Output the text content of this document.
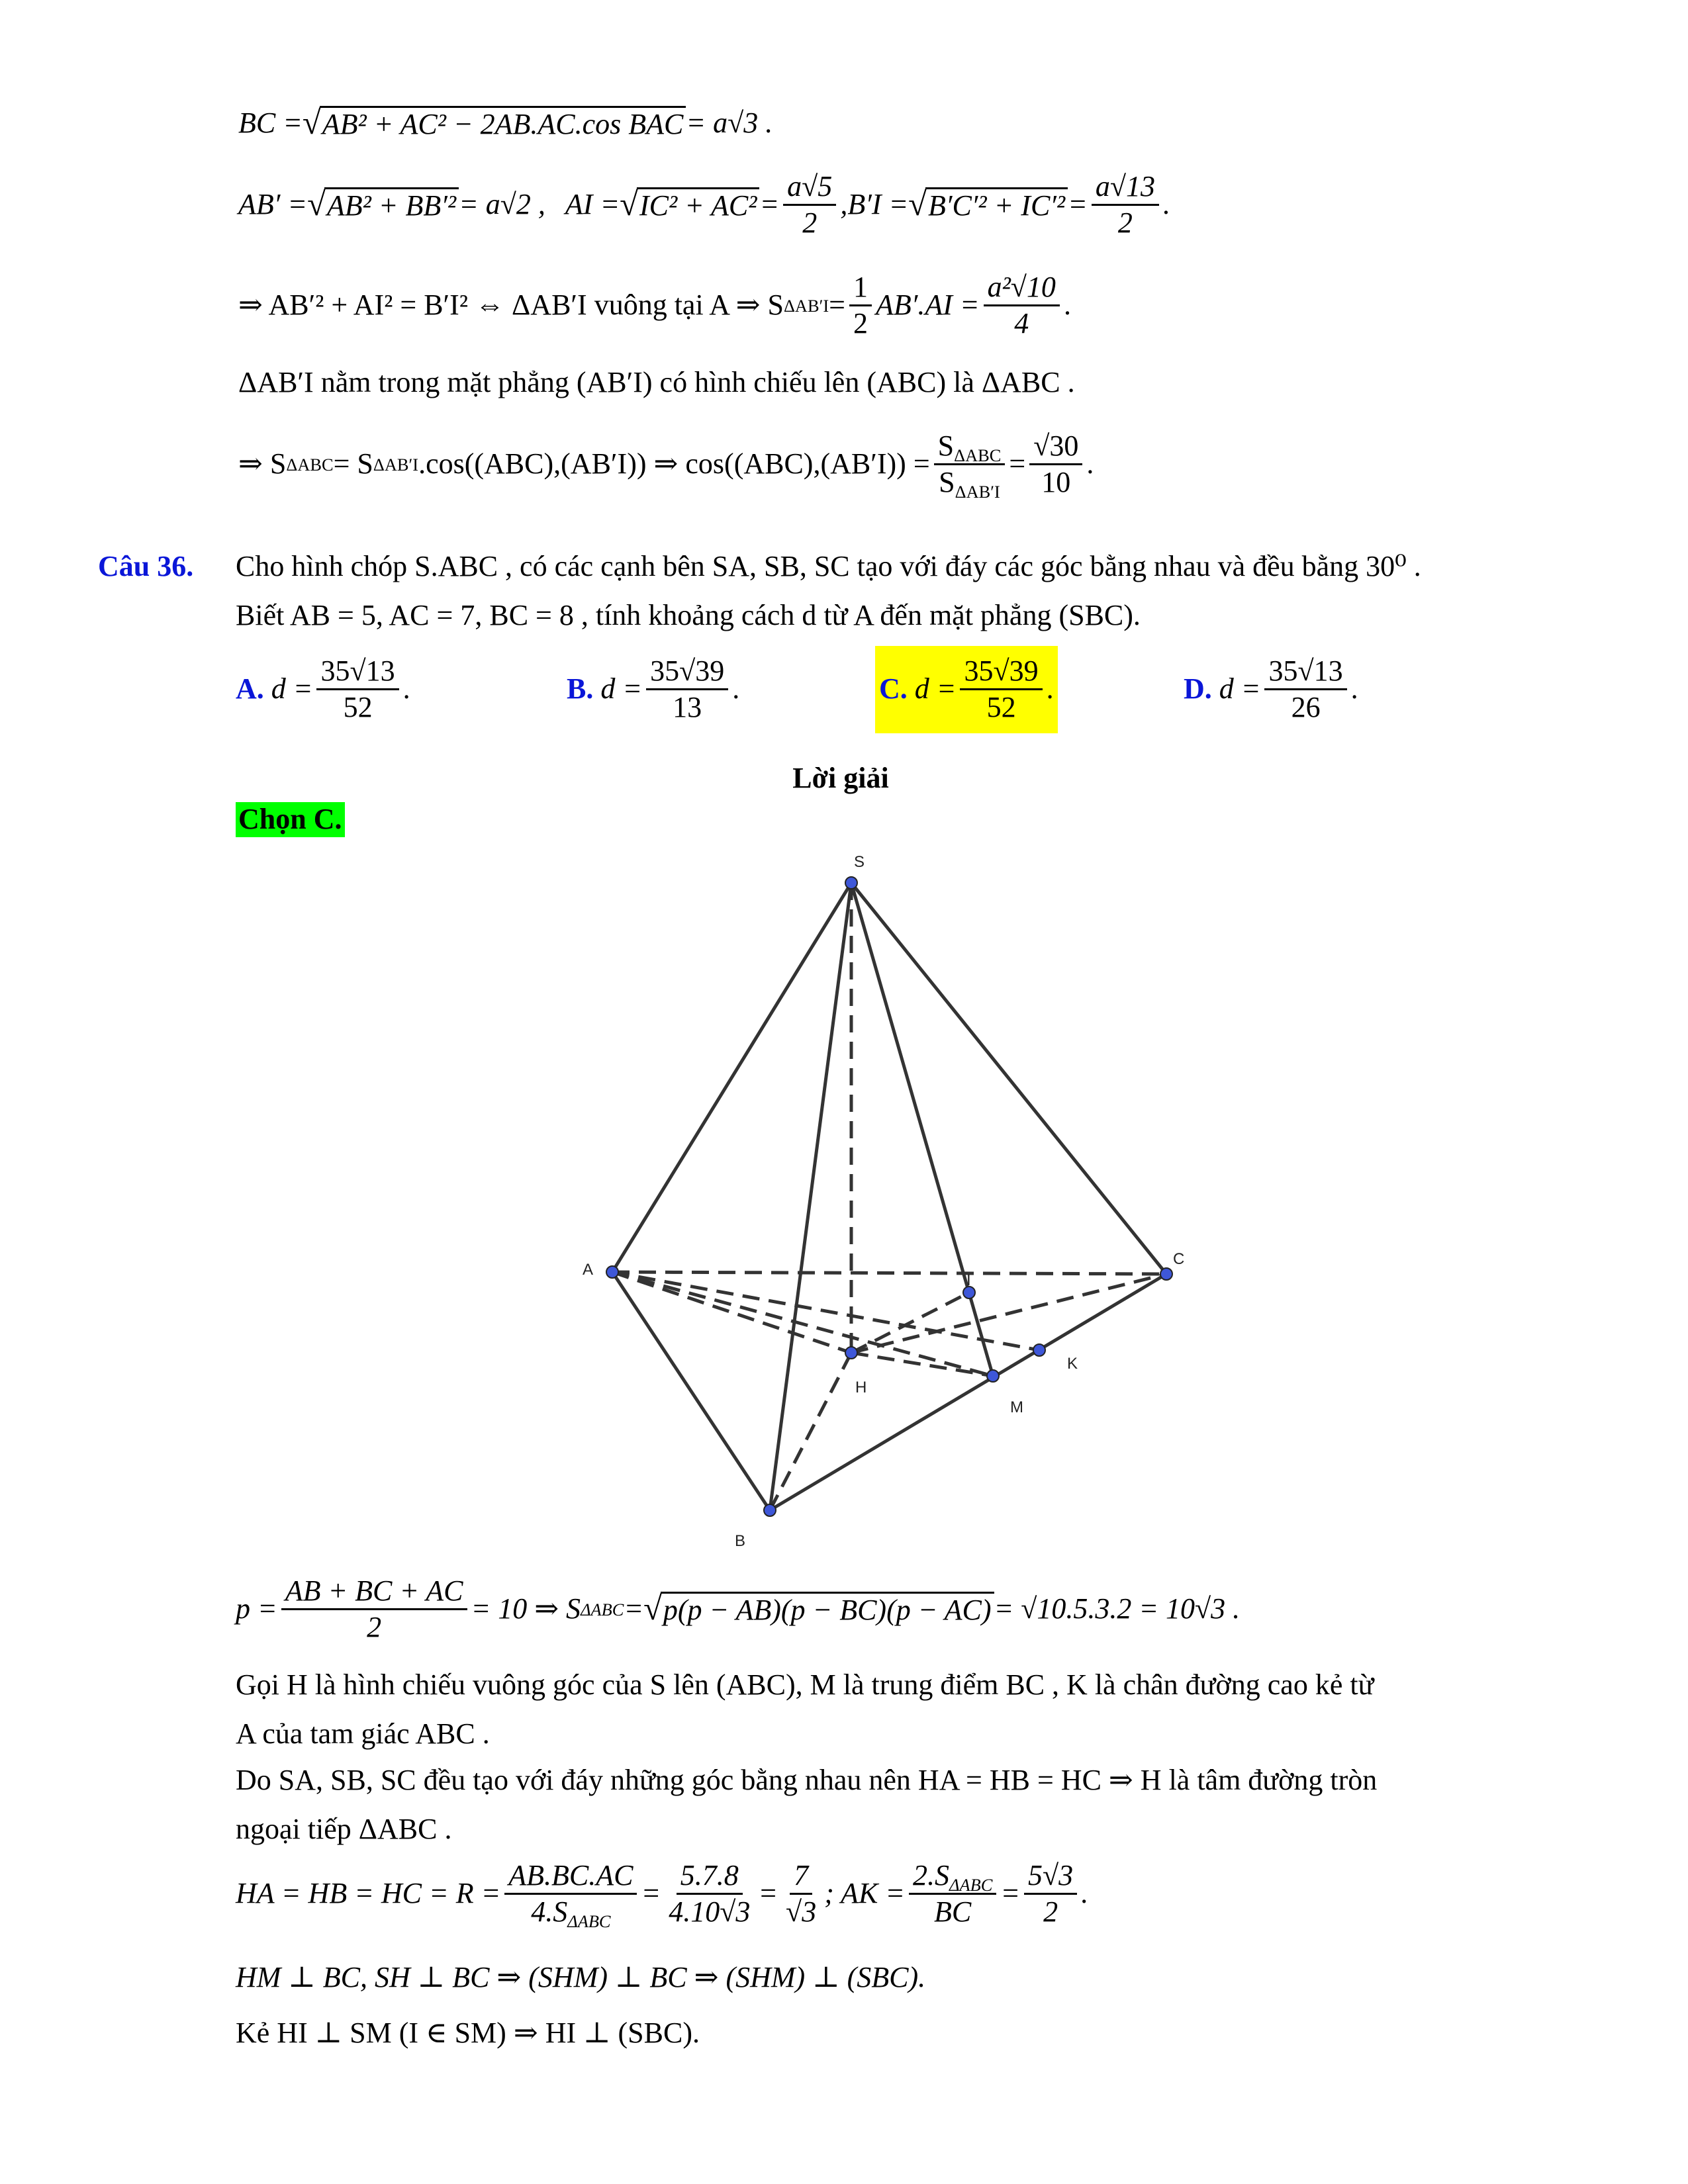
BC = √ AB² + AC² − 2AB.AC.cos BAC = a√3 .
AB′ = √ AB² + BB′² = a√2 , AI = √ $IC^2 + AC^2 = \frac{a√5}{2}$ , B′I = √ $B'C'^2 + IC'^2 = \frac{a√13}{2}$ .
⇒ AB′² + AI² = B′I² ⇔ ΔAB′I vuông tại A ⇒ S $\Delta AB'I = \frac{1}{2} AB'.AI = \frac{\text{a²√10}}{4}$ .
ΔAB′I nằm trong mặt phẳng (AB′I) có hình chiếu lên (ABC) là ΔABC .
⇒ S ΔABC = S ΔAB′I .cos((ABC),(AB′I)) ⇒ $\cos((ABC),(AB'I)) = \frac{S_{\Delta ABC}}{S_{\Delta AB'I}} = \frac{√30}{10}$ .
Câu 36. Cho hình chóp S.ABC , có các cạnh bên SA, SB, SC tạo với đáy các góc bằng nhau và đều bằng 30⁰ .
Biết AB = 5, AC = 7, BC = 8 , tính khoảng cách d từ A đến mặt phẳng (SBC).
A.
$d = \frac{35√13}{52}$ .	B.
$d = \frac{35√39}{13}$ .	C.
$d = \frac{35√39}{52}$ .	D.
$d = \frac{35√13}{26}$ .
Lời giải
Chọn C.
S
A
B
C
H
I
K
M
$p = \frac{AB + BC + AC}{2} = 10$ ⇒ S ΔABC = √ p(p − AB)(p − BC)(p − AC) = √10.5.3.2 = 10√3 .
Gọi H là hình chiếu vuông góc của S lên (ABC), M là trung điểm BC , K là chân đường cao kẻ từ
A của tam giác ABC .
Do SA, SB, SC đều tạo với đáy những góc bằng nhau nên HA = HB = HC ⇒ H là tâm đường tròn
ngoại tiếp ΔABC .
HA = HB = HC = $R = \frac{AB.BC.AC}{4.S_{\Delta ABC}} = \frac{5.7.8}{4.10√3} = \frac{7}{√3}$ ; AK = $\frac{2.S_{\Delta ABC}}{BC} = \frac{5√3}{2}$ .
HM ⊥ BC, SH ⊥ BC ⇒ (SHM) ⊥ BC ⇒ (SHM) ⊥ (SBC).
Kẻ HI ⊥ SM (I ∈ SM) ⇒ HI ⊥ (SBC).
